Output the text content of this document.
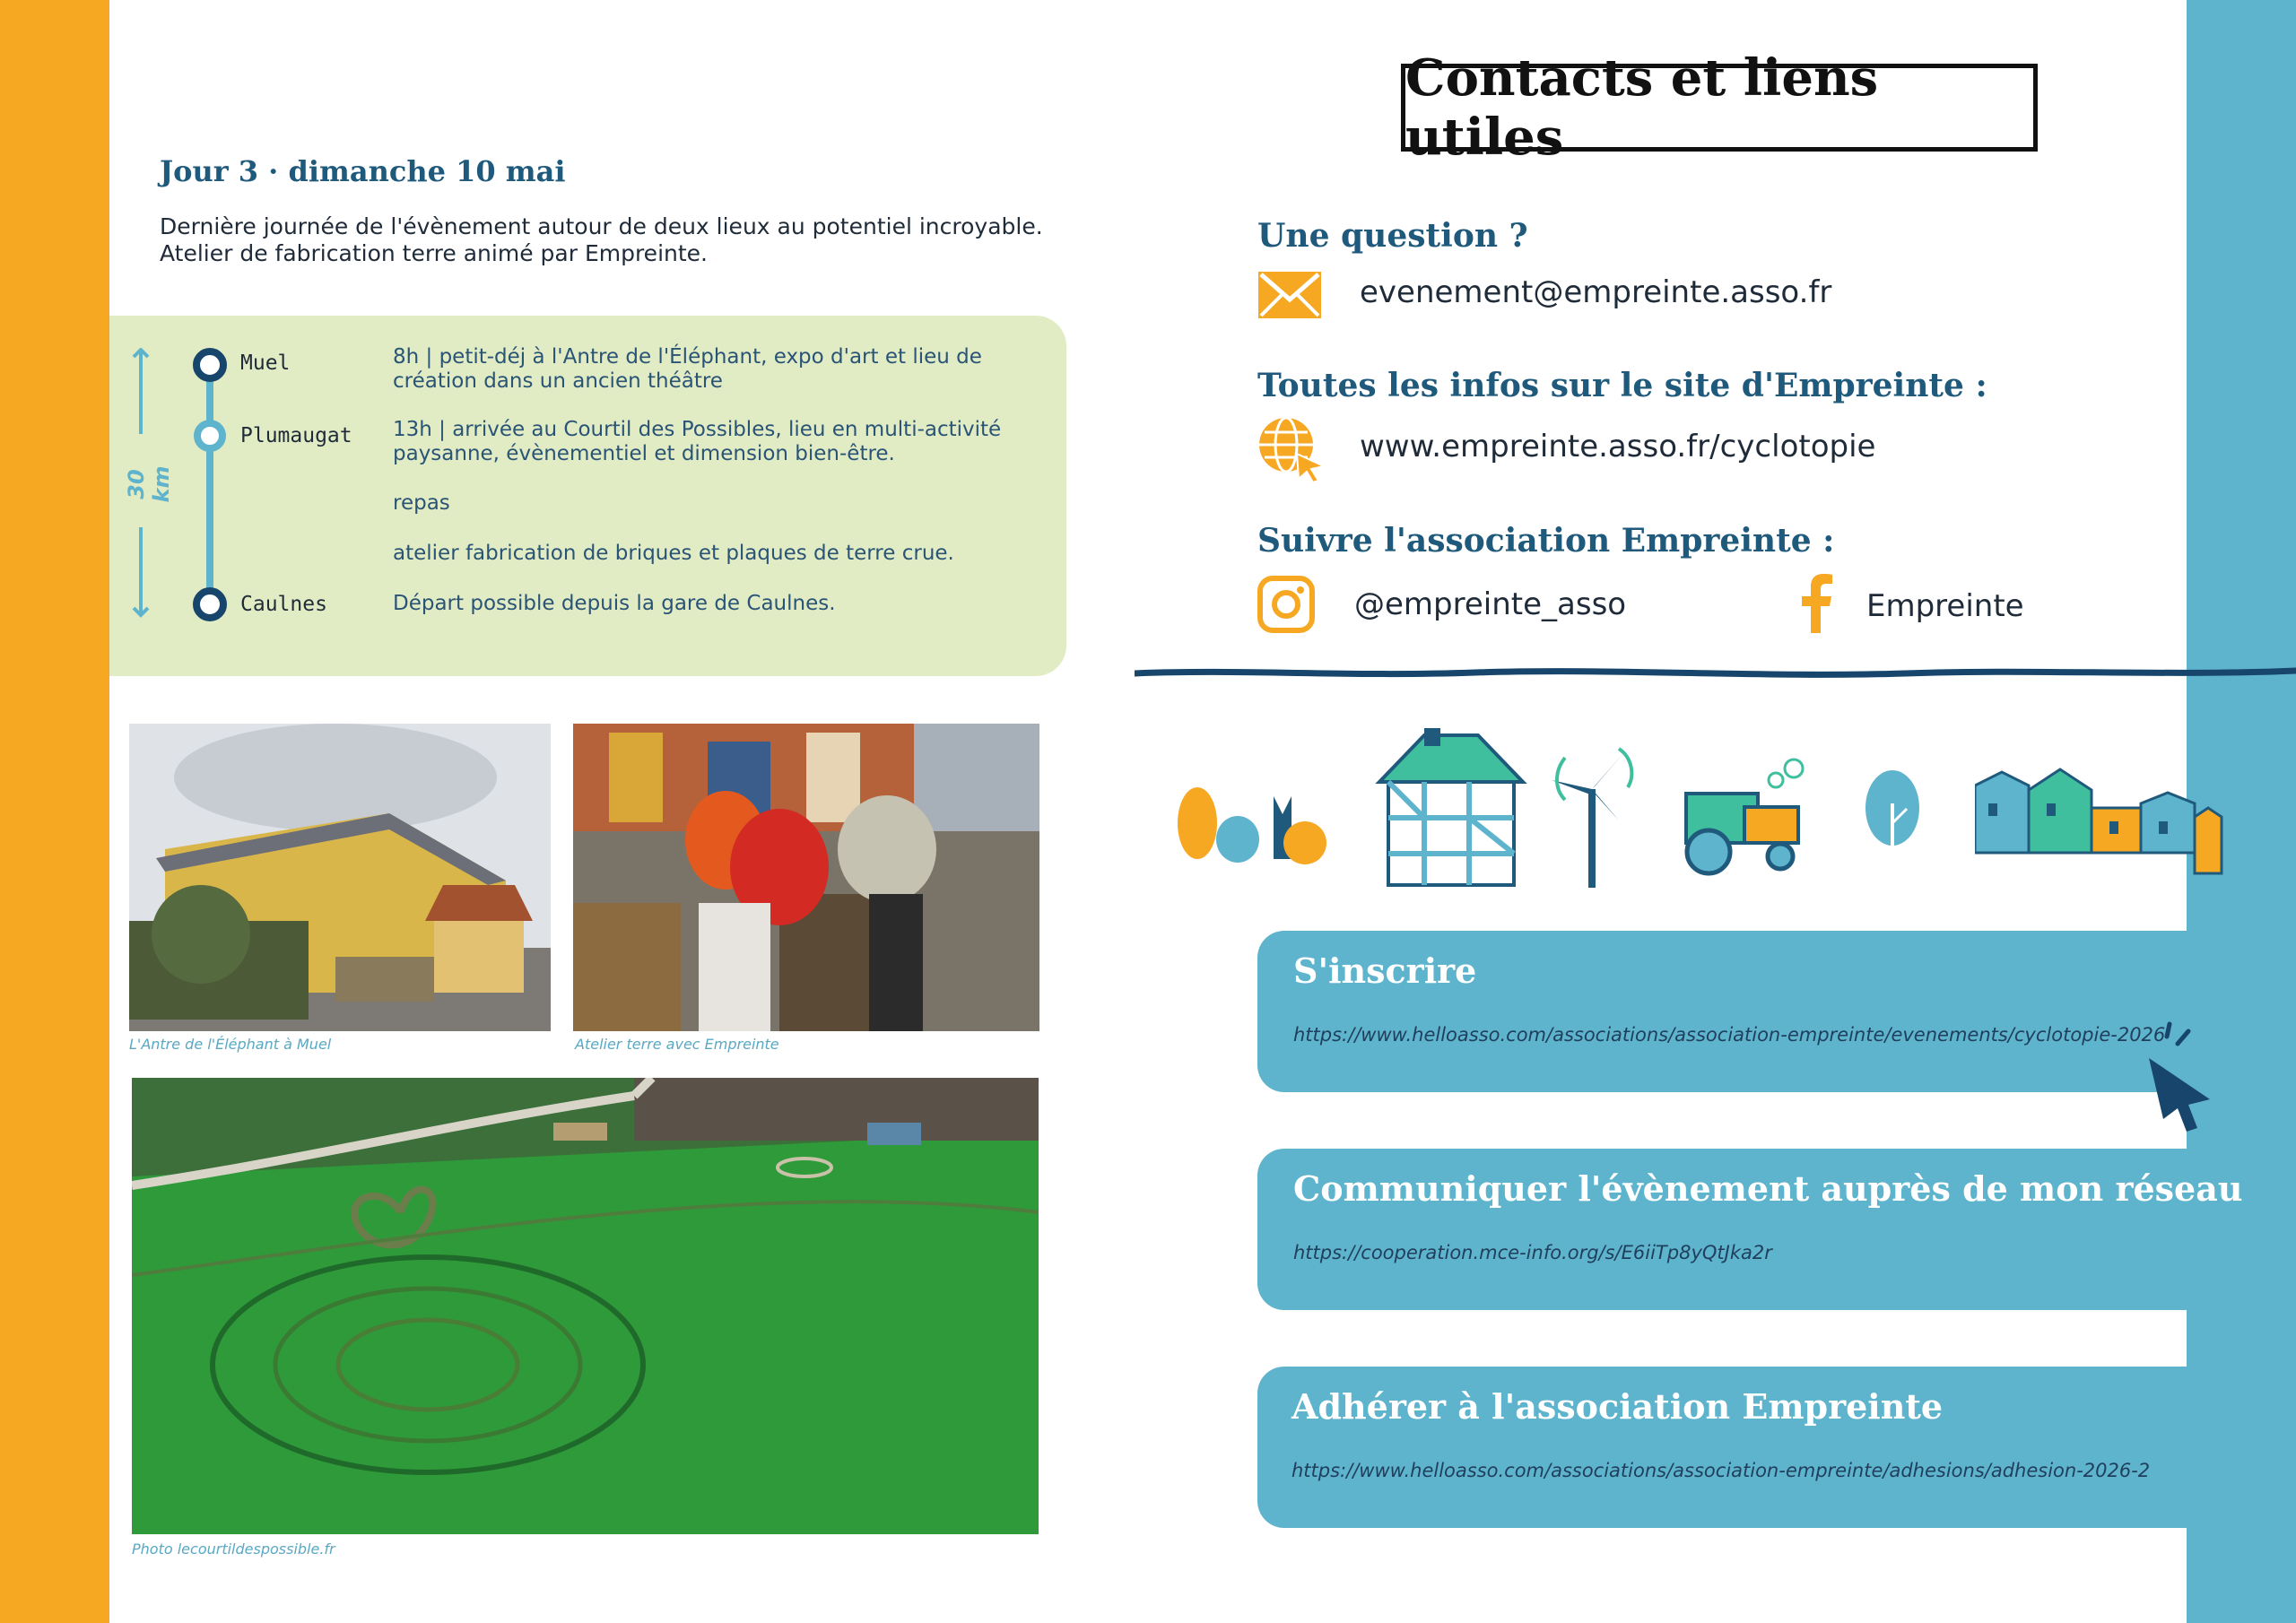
Jour 3 · dimanche 10 mai
Dernière journée de l'évènement autour de deux lieux au potentiel incroyable.
Atelier de fabrication terre animé par Empreinte.
30 km
Muel
Plumaugat
Caulnes
8h | petit-déj à l'Antre de l'Éléphant, expo d'art et lieu de création dans un ancien théâtre
13h | arrivée au Courtil des Possibles, lieu en multi-activité paysanne, évènementiel et dimension bien-être.
repas
atelier fabrication de briques et plaques de terre crue.
Départ possible depuis la gare de Caulnes.
L'Antre de l'Éléphant à Muel	Atelier terre avec Empreinte
Photo lecourtildespossible.fr
Contacts et liens utiles
Une question ?
evenement@empreinte.asso.fr
Toutes les infos sur le site d'Empreinte :
www.empreinte.asso.fr/cyclotopie
Suivre l'association Empreinte :
@empreinte_asso	Empreinte
S'inscrire
https://www.helloasso.com/associations/association-empreinte/evenements/cyclotopie-2026
Communiquer l'évènement auprès de mon réseau
https://cooperation.mce-info.org/s/E6iiTp8yQtJka2r
Adhérer à l'association Empreinte
https://www.helloasso.com/associations/association-empreinte/adhesions/adhesion-2026-2
